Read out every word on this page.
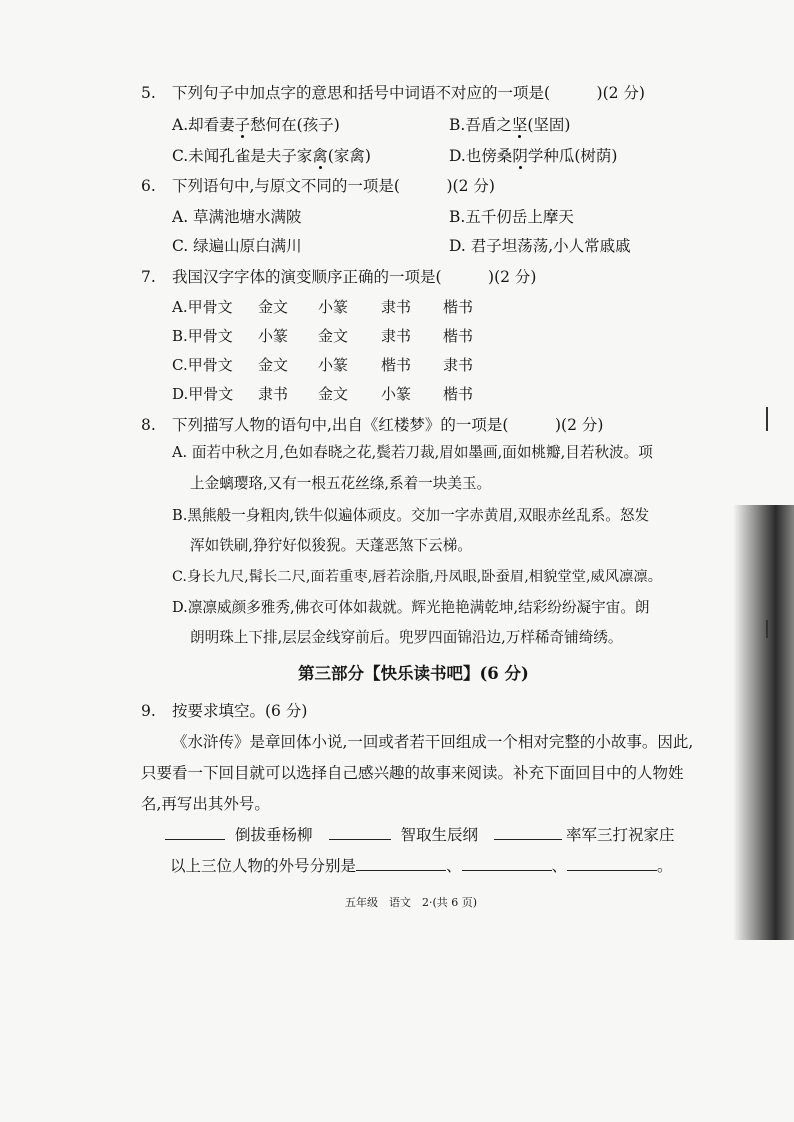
5. 下列句子中加点字的意思和括号中词语不对应的一项是(　　　)(2 分)
A.却看妻子愁何在(孩子)	B.吾盾之坚(坚固)
C.未闻孔雀是夫子家禽(家禽)	D.也傍桑阴学种瓜(树荫)
6. 下列语句中,与原文不同的一项是(　　　)(2 分)
A. 草满池塘水满陂	B.五千仞岳上摩天
C. 绿遍山原白满川	D. 君子坦荡荡,小人常戚戚
7. 我国汉字字体的演变顺序正确的一项是(　　　)(2 分)
A.甲骨文 金文 小篆 隶书 楷书
B.甲骨文 小篆 金文 隶书 楷书
C.甲骨文 金文 小篆 楷书 隶书
D.甲骨文 隶书 金文 小篆 楷书
8. 下列描写人物的语句中,出自《红楼梦》的一项是(　　　)(2 分)
A. 面若中秋之月,色如春晓之花,鬓若刀裁,眉如墨画,面如桃瓣,目若秋波。项
上金螭璎珞,又有一根五花丝绦,系着一块美玉。
B.黑熊般一身粗肉,铁牛似遍体顽皮。交加一字赤黄眉,双眼赤丝乱系。怒发
浑如铁刷,狰狞好似狻猊。天蓬恶煞下云梯。
C.身长九尺,髯长二尺,面若重枣,唇若涂脂,丹凤眼,卧蚕眉,相貌堂堂,威风凛凛。
D.凛凛威颜多雅秀,佛衣可体如裁就。辉光艳艳满乾坤,结彩纷纷凝宇宙。朗
朗明珠上下排,层层金线穿前后。兜罗四面锦沿边,万样稀奇铺绮绣。
第三部分【快乐读书吧】(6 分)
9. 按要求填空。(6 分)
《水浒传》是章回体小说,一回或者若干回组成一个相对完整的小故事。因此,
只要看一下回目就可以选择自己感兴趣的故事来阅读。补充下面回目中的人物姓
名,再写出其外号。
倒拔垂杨柳	智取生辰纲	率军三打祝家庄
以上三位人物的外号分别是	、	、	。
五年级　语文　2·(共 6 页)
